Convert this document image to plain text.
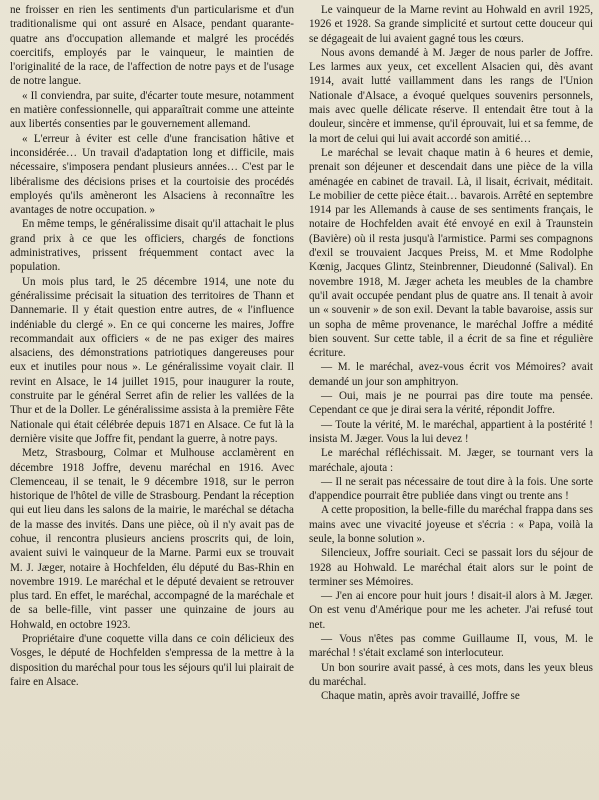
ne froisser en rien les sentiments d'un particularisme et d'un traditionalisme qui ont assuré en Alsace, pendant quarante-quatre ans d'occupation allemande et malgré les procédés coercitifs, employés par le vainqueur, le maintien de l'originalité de la race, de l'affection de notre pays et de l'usage de notre langue.

« Il conviendra, par suite, d'écarter toute mesure, notamment en matière confessionnelle, qui apparaîtrait comme une atteinte aux libertés consenties par le gouvernement allemand.

« L'erreur à éviter est celle d'une francisation hâtive et inconsidérée… Un travail d'adaptation long et difficile, mais nécessaire, s'imposera pendant plusieurs années… C'est par le libéralisme des décisions prises et la courtoisie des procédés employés qu'ils amèneront les Alsaciens à reconnaître les avantages de notre occupation. »

En même temps, le généralissime disait qu'il attachait le plus grand prix à ce que les officiers, chargés de fonctions administratives, prissent fréquemment contact avec la population.

Un mois plus tard, le 25 décembre 1914, une note du généralissime précisait la situation des territoires de Thann et Dannemarie. Il y était question entre autres, de « l'influence indéniable du clergé ». En ce qui concerne les maires, Joffre recommandait aux officiers « de ne pas exiger des maires alsaciens, des démonstrations patriotiques dangereuses pour eux et inutiles pour nous ». Le généralissime voyait clair. Il revint en Alsace, le 14 juillet 1915, pour inaugurer la route, construite par le général Serret afin de relier les vallées de la Thur et de la Doller. Le généralissime assista à la première Fête Nationale qui était célébrée depuis 1871 en Alsace. Ce fut là la dernière visite que Joffre fit, pendant la guerre, à notre pays.

Metz, Strasbourg, Colmar et Mulhouse acclamèrent en décembre 1918 Joffre, devenu maréchal en 1916. Avec Clemenceau, il se tenait, le 9 décembre 1918, sur le perron historique de l'hôtel de ville de Strasbourg. Pendant la réception qui eut lieu dans les salons de la mairie, le maréchal se détacha de la masse des invités. Dans une pièce, où il n'y avait pas de cohue, il rencontra plusieurs anciens proscrits qui, de loin, avaient suivi le vainqueur de la Marne. Parmi eux se trouvait M. J. Jæger, notaire à Hochfelden, élu député du Bas-Rhin en novembre 1919. Le maréchal et le député devaient se retrouver plus tard. En effet, le maréchal, accompagné de la maréchale et de sa belle-fille, vint passer une quinzaine de jours au Hohwald, en octobre 1923.

Propriétaire d'une coquette villa dans ce coin délicieux des Vosges, le député de Hochfelden s'empressa de la mettre à la disposition du maréchal pour tous les séjours qu'il lui plairait de faire en Alsace.

Le vainqueur de la Marne revint au Hohwald en avril 1925, 1926 et 1928. Sa grande simplicité et surtout cette douceur qui se dégageait de lui avaient gagné tous les cœurs.

Nous avons demandé à M. Jæger de nous parler de Joffre. Les larmes aux yeux, cet excellent Alsacien qui, dès avant 1914, avait lutté vaillamment dans les rangs de l'Union Nationale d'Alsace, a évoqué quelques souvenirs personnels, mais avec quelle délicate réserve. Il entendait être tout à la douleur, sincère et immense, qu'il éprouvait, lui et sa femme, de la mort de celui qui lui avait accordé son amitié…

Le maréchal se levait chaque matin à 6 heures et demie, prenait son déjeuner et descendait dans une pièce de la villa aménagée en cabinet de travail. Là, il lisait, écrivait, méditait. Le mobilier de cette pièce était… bavarois. Arrêté en septembre 1914 par les Allemands à cause de ses sentiments français, le notaire de Hochfelden avait été envoyé en exil à Traunstein (Bavière) où il resta jusqu'à l'armistice. Parmi ses compagnons d'exil se trouvaient Jacques Preiss, M. et Mme Rodolphe Kœnig, Jacques Glintz, Steinbrenner, Dieudonné (Salival). En novembre 1918, M. Jæger acheta les meubles de la chambre qu'il avait occupée pendant plus de quatre ans. Il tenait à avoir un « souvenir » de son exil. Devant la table bavaroise, assis sur un sopha de même provenance, le maréchal Joffre a médité bien souvent. Sur cette table, il a écrit de sa fine et régulière écriture.

— M. le maréchal, avez-vous écrit vos Mémoires? avait demandé un jour son amphitryon.

— Oui, mais je ne pourrai pas dire toute ma pensée. Cependant ce que je dirai sera la vérité, répondit Joffre.

— Toute la vérité, M. le maréchal, appartient à la postérité ! insista M. Jæger. Vous la lui devez !

Le maréchal réfléchissait. M. Jæger, se tournant vers la maréchale, ajouta :

— Il ne serait pas nécessaire de tout dire à la fois. Une sorte d'appendice pourrait être publiée dans vingt ou trente ans !

A cette proposition, la belle-fille du maréchal frappa dans ses mains avec une vivacité joyeuse et s'écria : « Papa, voilà la seule, la bonne solution ».

Silencieux, Joffre souriait. Ceci se passait lors du séjour de 1928 au Hohwald. Le maréchal était alors sur le point de terminer ses Mémoires.

— J'en ai encore pour huit jours ! disait-il alors à M. Jæger. On est venu d'Amérique pour me les acheter. J'ai refusé tout net.

— Vous n'êtes pas comme Guillaume II, vous, M. le maréchal ! s'était exclamé son interlocuteur.

Un bon sourire avait passé, à ces mots, dans les yeux bleus du maréchal.

Chaque matin, après avoir travaillé, Joffre se
